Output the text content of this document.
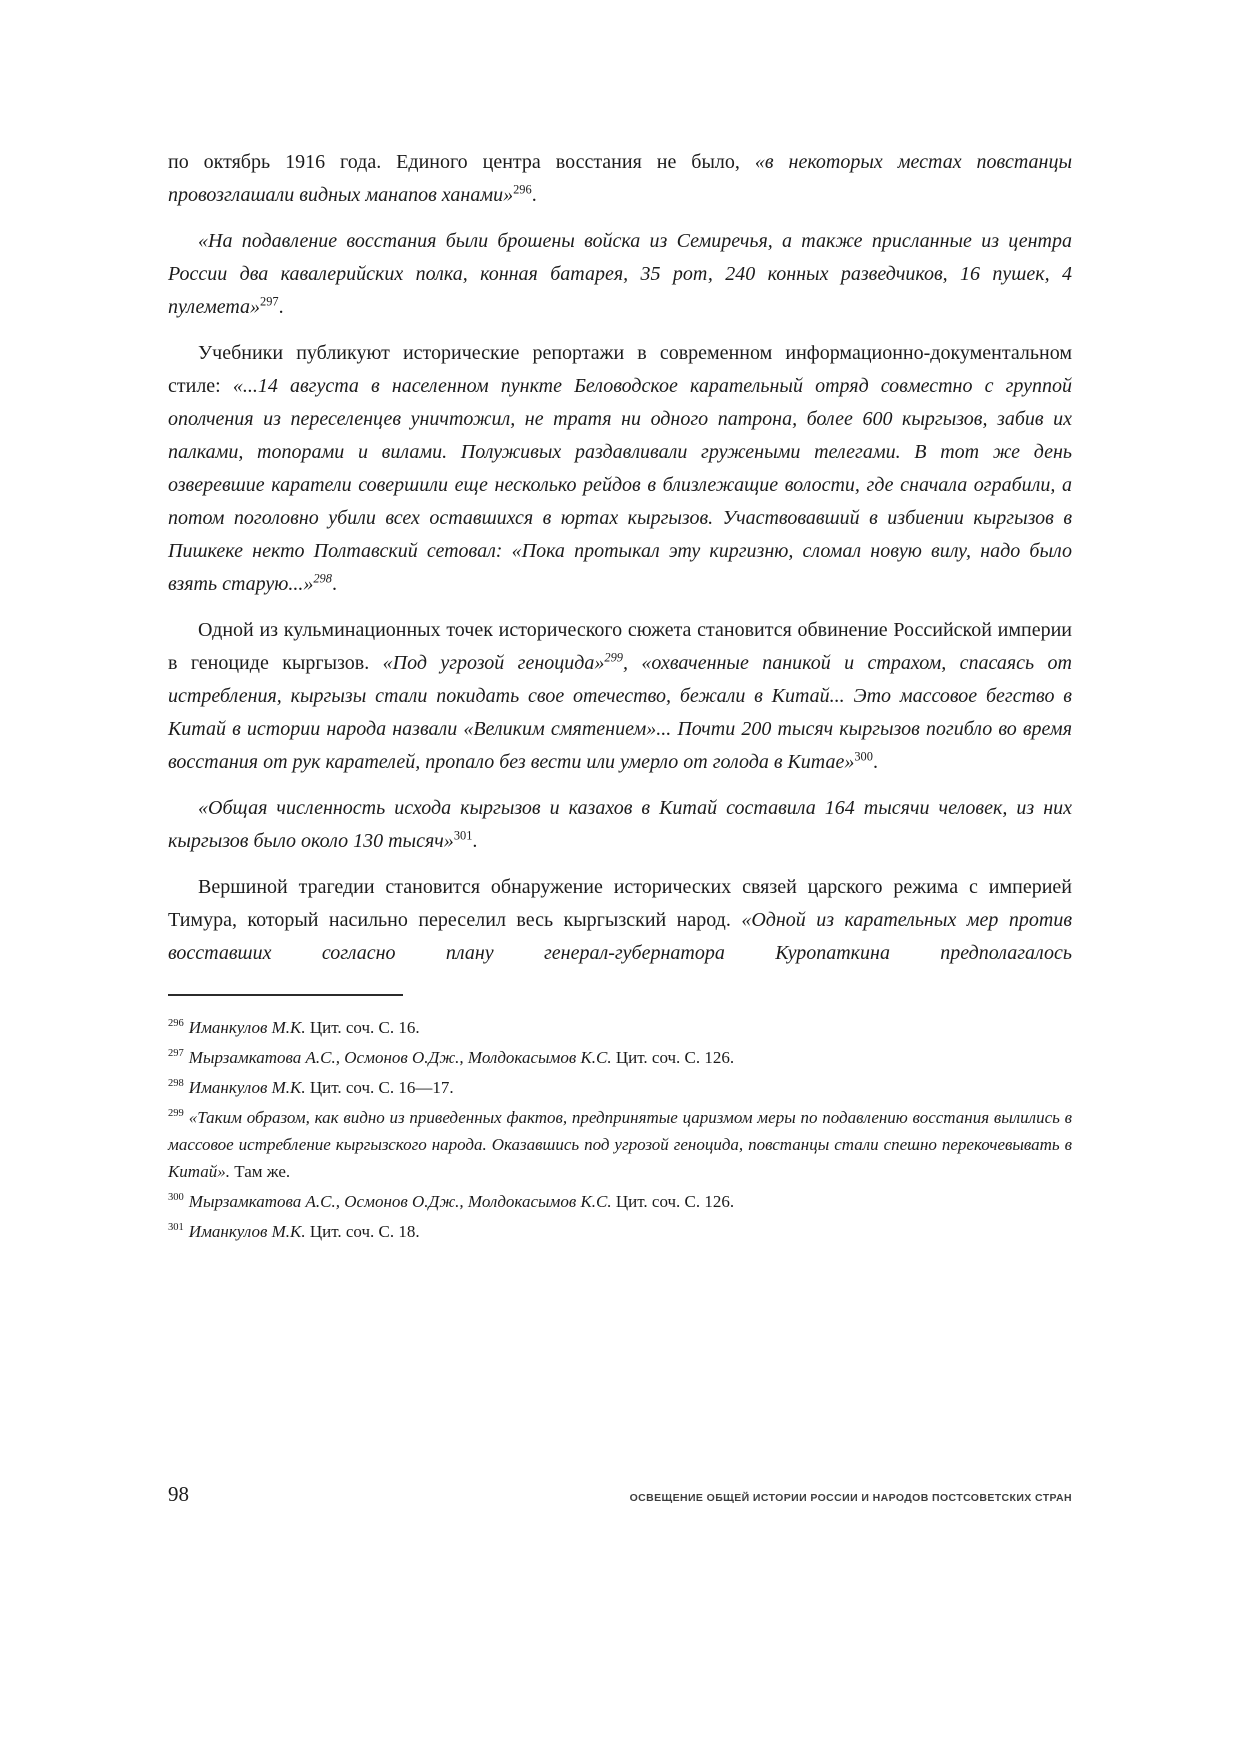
по октябрь 1916 года. Единого центра восстания не было, «в некоторых местах повстанцы провозглашали видных манапов ханами»$^{296}$.

«На подавление восстания были брошены войска из Семиречья, а также присланные из центра России два кавалерийских полка, конная батарея, 35 рот, 240 конных разведчиков, 16 пушек, 4 пулемета»$^{297}$.

Учебники публикуют исторические репортажи в современном информационно-документальном стиле: «...14 августа в населенном пункте Беловодское карательный отряд совместно с группой ополчения из переселенцев уничтожил, не тратя ни одного патрона, более 600 кыргызов, забив их палками, топорами и вилами. Полуживых раздавливали гружеными телегами. В тот же день озверевшие каратели совершили еще несколько рейдов в близлежащие волости, где сначала ограбили, а потом поголовно убили всех оставшихся в юртах кыргызов. Участвовавший в избиении кыргызов в Пишкеке некто Полтавский сетовал: «Пока протыкал эту киргизню, сломал новую вилу, надо было взять старую...»$^{298}$.

Одной из кульминационных точек исторического сюжета становится обвинение Российской империи в геноциде кыргызов. «Под угрозой геноцида»$^{299}$, «охваченные паникой и страхом, спасаясь от истребления, кыргызы стали покидать свое отечество, бежали в Китай... Это массовое бегство в Китай в истории народа назвали «Великим смятением»... Почти 200 тысяч кыргызов погибло во время восстания от рук карателей, пропало без вести или умерло от голода в Китае»$^{300}$.

«Общая численность исхода кыргызов и казахов в Китай составила 164 тысячи человек, из них кыргызов было около 130 тысяч»$^{301}$.

Вершиной трагедии становится обнаружение исторических связей царского режима с империей Тимура, который насильно переселил весь кыргызский народ. «Одной из карательных мер против восставших согласно плану генерал-губернатора Куропаткина предполагалось

$^{296}$ Иманкулов М.К. Цит. соч. С. 16.

$^{297}$ Мырзамкатова А.С., Осмонов О.Дж., Молдокасымов К.С. Цит. соч. С. 126.

$^{298}$ Иманкулов М.К. Цит. соч. С. 16—17.

$^{299}$ «Таким образом, как видно из приведенных фактов, предпринятые царизмом меры по подавлению восстания вылились в массовое истребление кыргызского народа. Оказавшись под угрозой геноцида, повстанцы стали спешно перекочевывать в Китай». Там же.

$^{300}$ Мырзамкатова А.С., Осмонов О.Дж., Молдокасымов К.С. Цит. соч. С. 126.

$^{301}$ Иманкулов М.К. Цит. соч. С. 18.

98	ОСВЕЩЕНИЕ ОБЩЕЙ ИСТОРИИ РОССИИ И НАРОДОВ ПОСТСОВЕТСКИХ СТРАН
